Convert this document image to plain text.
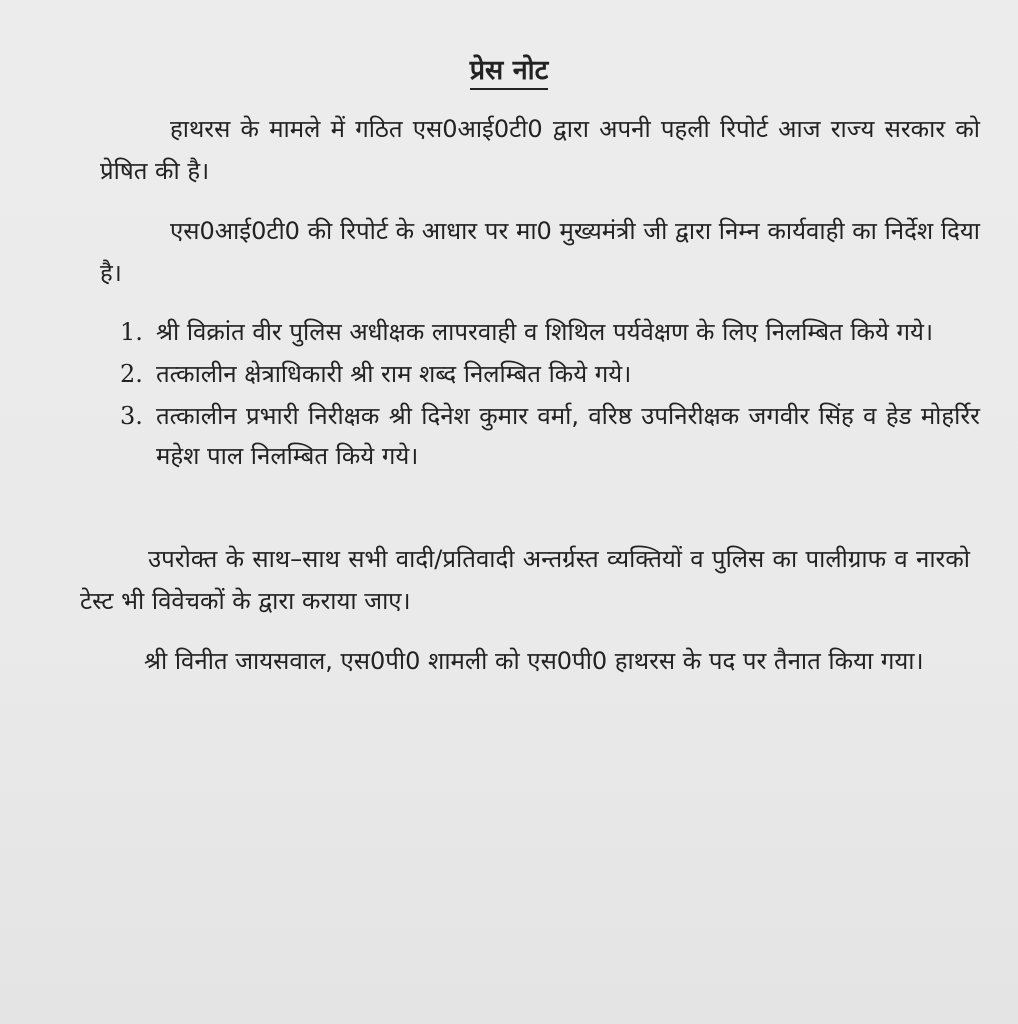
प्रेस नोट

हाथरस के मामले में गठित एस0आई0टी0 द्वारा अपनी पहली रिपोर्ट आज राज्य सरकार को प्रेषित की है।

एस0आई0टी0 की रिपोर्ट के आधार पर मा0 मुख्यमंत्री जी द्वारा निम्न कार्यवाही का निर्देश दिया है।

1. श्री विक्रांत वीर पुलिस अधीक्षक लापरवाही व शिथिल पर्यवेक्षण के लिए निलम्बित किये गये।
2. तत्कालीन क्षेत्राधिकारी श्री राम शब्द निलम्बित किये गये।
3. तत्कालीन प्रभारी निरीक्षक श्री दिनेश कुमार वर्मा, वरिष्ठ उपनिरीक्षक जगवीर सिंह व हेड मोहर्रिर महेश पाल निलम्बित किये गये।

उपरोक्त के साथ–साथ सभी वादी/प्रतिवादी अन्तर्ग्रस्त व्यक्तियों व पुलिस का पालीग्राफ व नारको टेस्ट भी विवेचकों के द्वारा कराया जाए।

श्री विनीत जायसवाल, एस0पी0 शामली को एस0पी0 हाथरस के पद पर तैनात किया गया।
